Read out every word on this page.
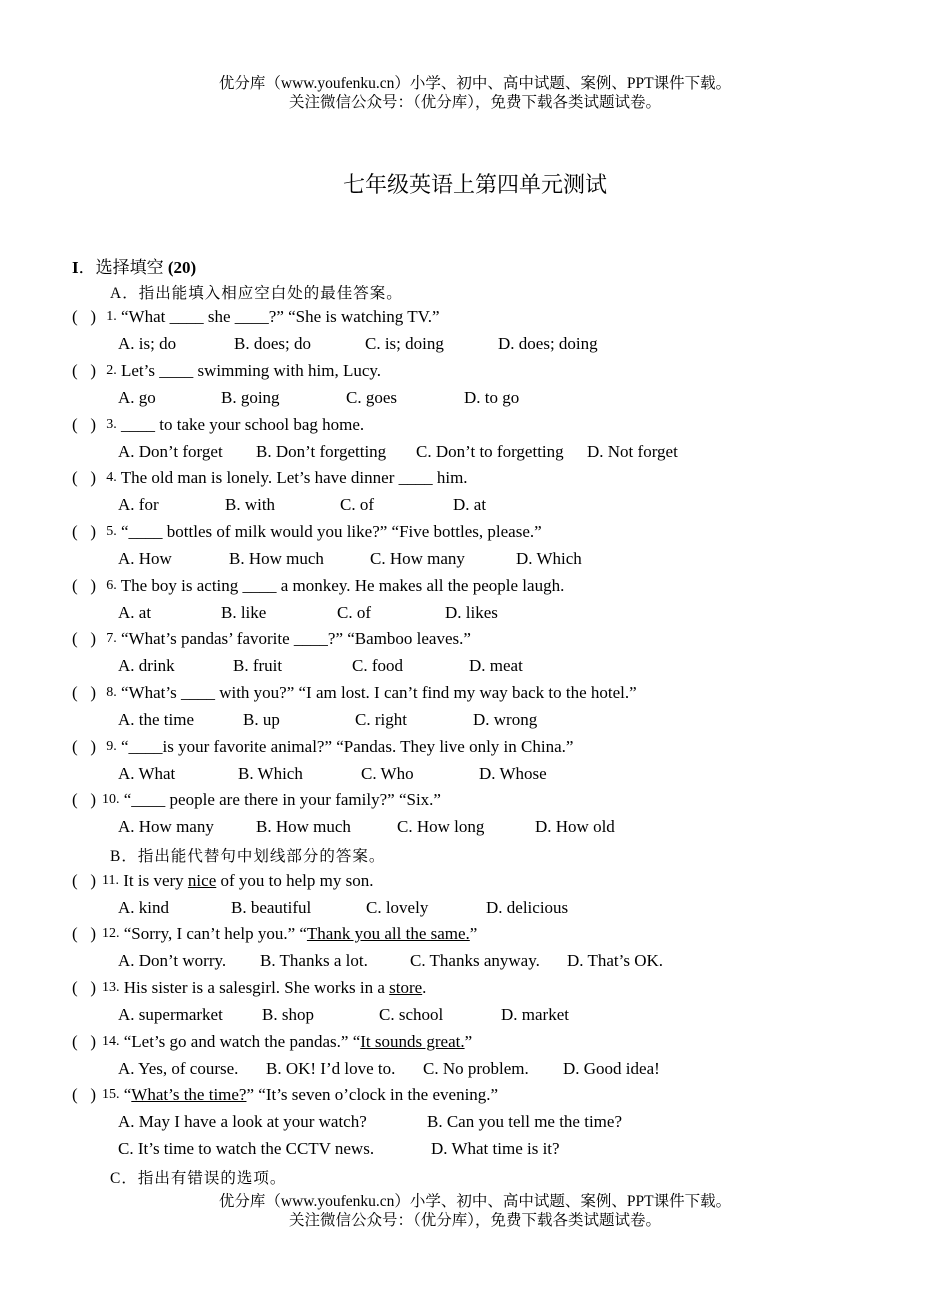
优分库（www.youfenku.cn）小学、初中、高中试题、案例、PPT课件下载。
关注微信公众号：（优分库），免费下载各类试题试卷。
七年级英语上第四单元测试
I．选择填空 (20)
A．指出能填入相应空白处的最佳答案。
(   ) 1. “What ____ she ____?” “She is watching TV.”
A. is; do	B. does; do	C. is; doing	D. does; doing
(   ) 2. Let’s ____ swimming with him, Lucy.
A. go	B. going	C. goes	D. to go
(   ) 3. ____ to take your school bag home.
A. Don’t forget B. Don’t forgetting C. Don’t to forgetting D. Not forget
(   ) 4. The old man is lonely. Let’s have dinner ____ him.
A. for	B. with	C. of	D. at
(   ) 5. “____ bottles of milk would you like?” “Five bottles, please.”
A. How	B. How much	C. How many	D. Which
(   ) 6. The boy is acting ____ a monkey. He makes all the people laugh.
A. at	B. like	C. of	D. likes
(   ) 7. “What’s pandas’ favorite ____?” “Bamboo leaves.”
A. drink	B. fruit	C. food	D. meat
(   ) 8. “What’s ____ with you?” “I am lost. I can’t find my way back to the hotel.”
A. the time	B. up	C. right	D. wrong
(   ) 9. “____is your favorite animal?” “Pandas. They live only in China.”
A. What	B. Which	C. Who	D. Whose
(   ) 10. “____ people are there in your family?” “Six.”
A. How many B. How much	C. How long	D. How old
B．指出能代替句中划线部分的答案。
(   ) 11. It is very nice of you to help my son.
A. kind	B. beautiful	C. lovely	D. delicious
(   ) 12. “Sorry, I can’t help you.” “Thank you all the same.”
A. Don’t worry. B. Thanks a lot. C. Thanks anyway. D. That’s OK.
(   ) 13. His sister is a salesgirl. She works in a store.
A. supermarket B. shop	C. school	D. market
(   ) 14. “Let’s go and watch the pandas.” “It sounds great.”
A. Yes, of course. B. OK! I’d love to. C. No problem. D. Good idea!
(   ) 15. “What’s the time?” “It’s seven o’clock in the evening.”
A. May I have a look at your watch?	B. Can you tell me the time?
C. It’s time to watch the CCTV news.	D. What time is it?
C．指出有错误的选项。
优分库（www.youfenku.cn）小学、初中、高中试题、案例、PPT课件下载。
关注微信公众号：（优分库），免费下载各类试题试卷。
